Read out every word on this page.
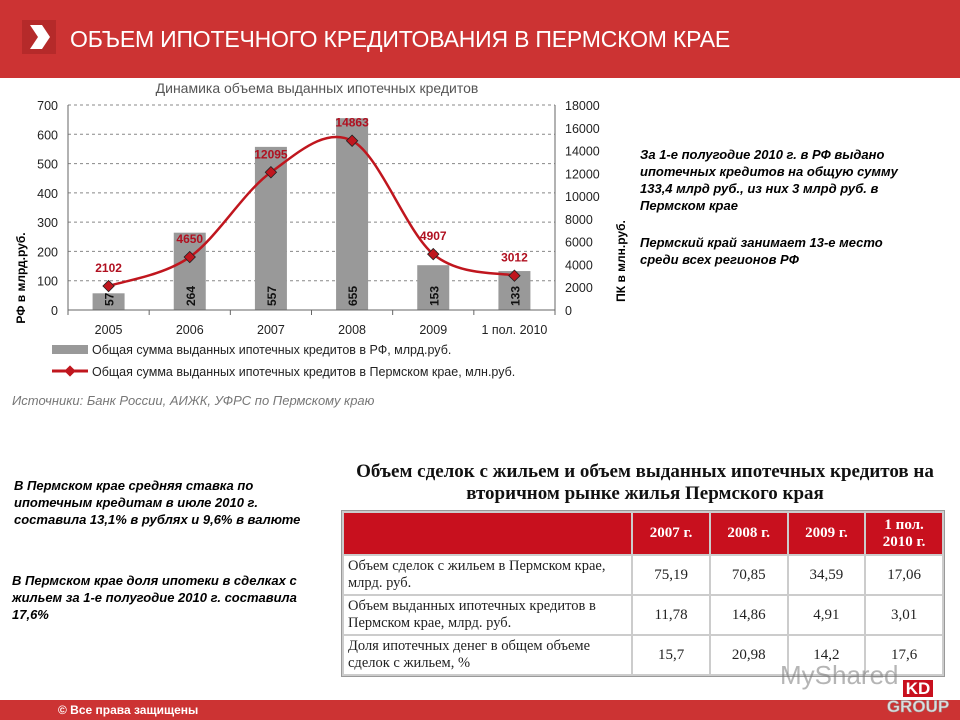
ОБЪЕМ ИПОТЕЧНОГО КРЕДИТОВАНИЯ В ПЕРМСКОМ КРАЕ
Динамика объема выданных ипотечных кредитов
57	264	557	655	153	133
2102
4650
12095
14863
4907
3012
0
100
200
300
400
500
600
700
0
2000
4000
6000
8000
10000
12000
14000
16000
18000
2005	2006	2007	2008	2009	1 пол. 2010
РФ в млрд.руб.	ПК в млн.руб.
Общая сумма выданных ипотечных кредитов в РФ, млрд.руб.
Общая сумма выданных ипотечных кредитов в Пермском крае, млн.руб.
Источники: Банк России, АИЖК, УФРС по Пермскому краю
За 1-е полугодие 2010 г. в РФ выдано ипотечных кредитов на общую сумму 133,4 млрд руб., из них 3 млрд руб. в Пермском крае
Пермский край занимает 13-е место среди всех регионов РФ
В Пермском крае средняя ставка по ипотечным кредитам в июле 2010 г. составила 13,1% в рублях и 9,6% в валюте
В Пермском крае доля ипотеки в сделках с жильем за 1-е полугодие 2010 г. составила 17,6%
Объем сделок с жильем и объем выданных ипотечных кредитов на вторичном рынке жилья Пермского края
	2007 г.	2008 г.	2009 г.	1 пол. 2010 г.
Объем сделок с жильем в Пермском крае, млрд. руб.	75,19	70,85	34,59	17,06
Объем выданных ипотечных кредитов в Пермском крае, млрд. руб.	11,78	14,86	4,91	3,01
Доля ипотечных денег в общем объеме сделок с жильем, %	15,7	20,98	14,2	17,6
MyShared
© Все права защищены
KD
GROUP
